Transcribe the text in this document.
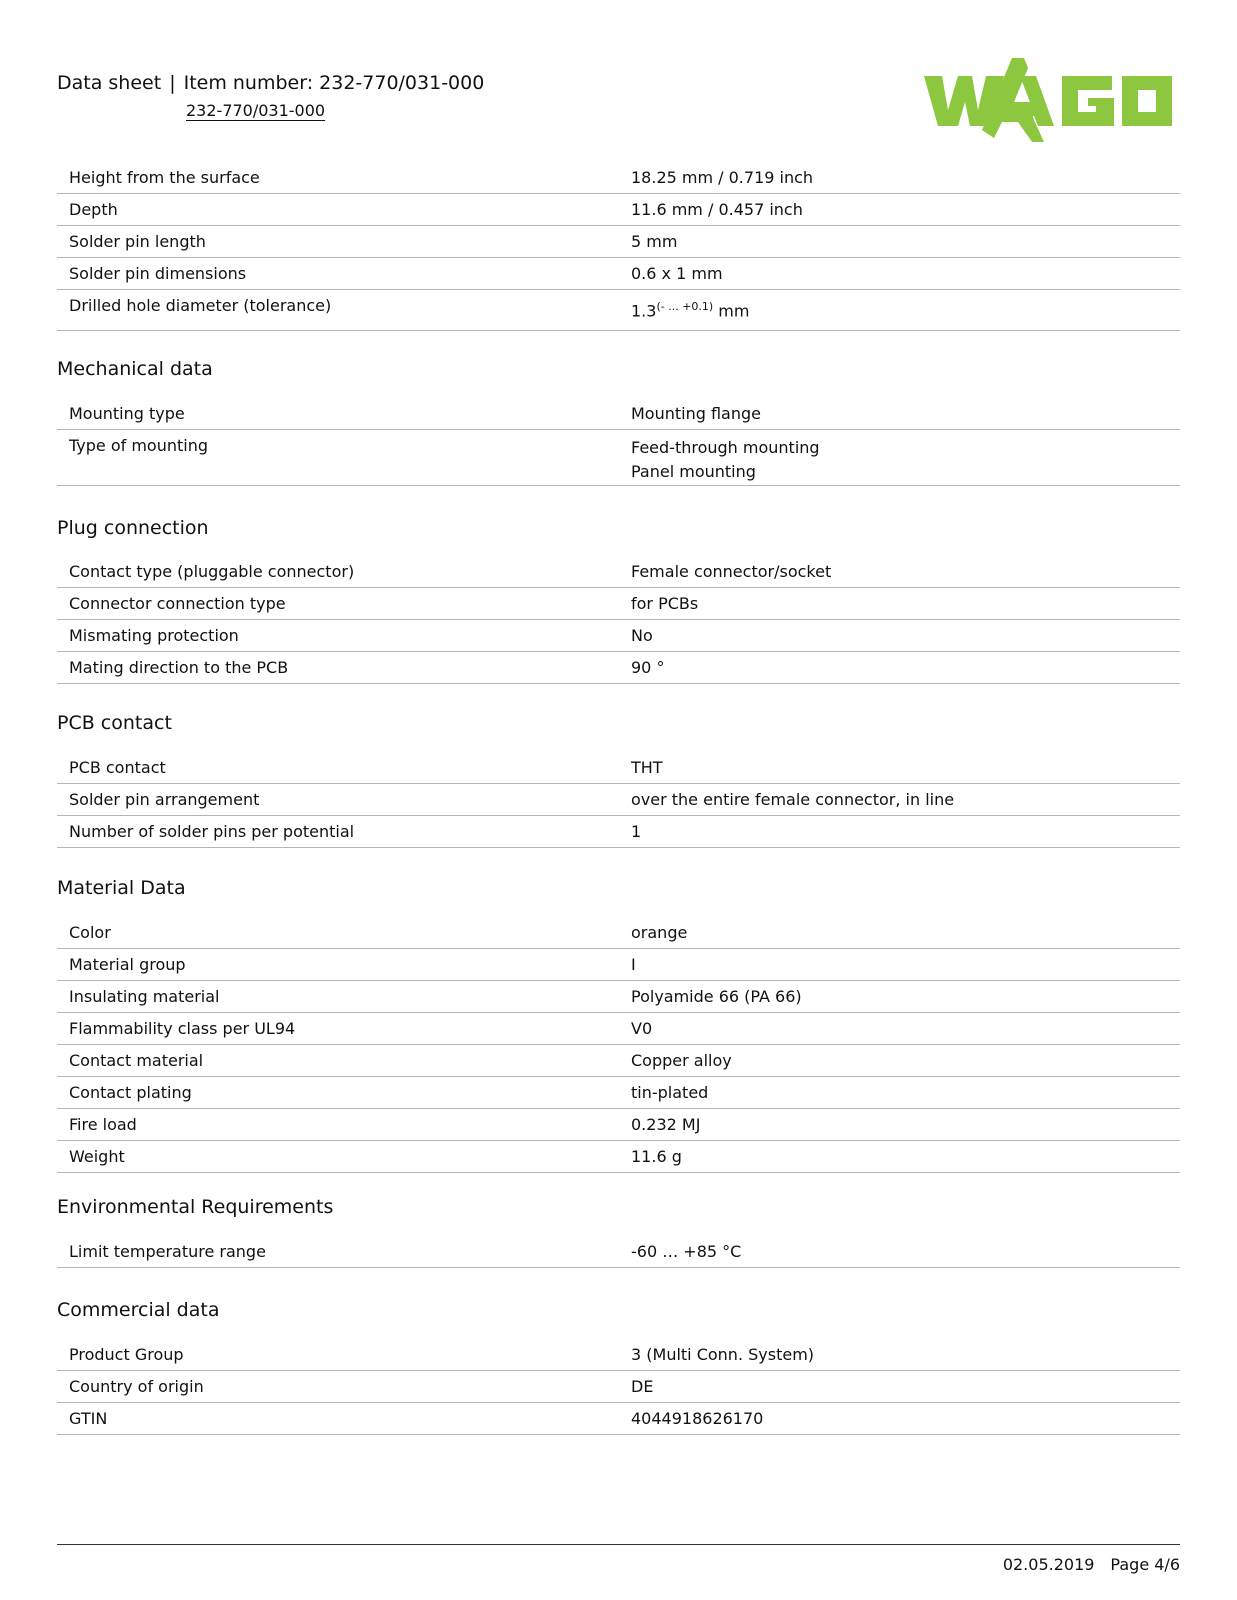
Data sheet | Item number: 232-770/031-000
232-770/031-000
Height from the surface	18.25 mm / 0.719 inch
Depth	11.6 mm / 0.457 inch
Solder pin length	5 mm
Solder pin dimensions	0.6 x 1 mm
Drilled hole diameter (tolerance)	$1.3^{(- ... +0.1)}$ mm
Mechanical data
Mounting type	Mounting flange
Type of mounting	Feed-through mounting
Panel mounting
Plug connection
Contact type (pluggable connector)	Female connector/socket
Connector connection type	for PCBs
Mismating protection	No
Mating direction to the PCB	90 °
PCB contact
PCB contact	THT
Solder pin arrangement	over the entire female connector, in line
Number of solder pins per potential	1
Material Data
Color	orange
Material group	I
Insulating material	Polyamide 66 (PA 66)
Flammability class per UL94	V0
Contact material	Copper alloy
Contact plating	tin-plated
Fire load	0.232 MJ
Weight	11.6 g
Environmental Requirements
Limit temperature range	-60 … +85 °C
Commercial data
Product Group	3 (Multi Conn. System)
Country of origin	DE
GTIN	4044918626170
02.05.2019 Page 4/6
